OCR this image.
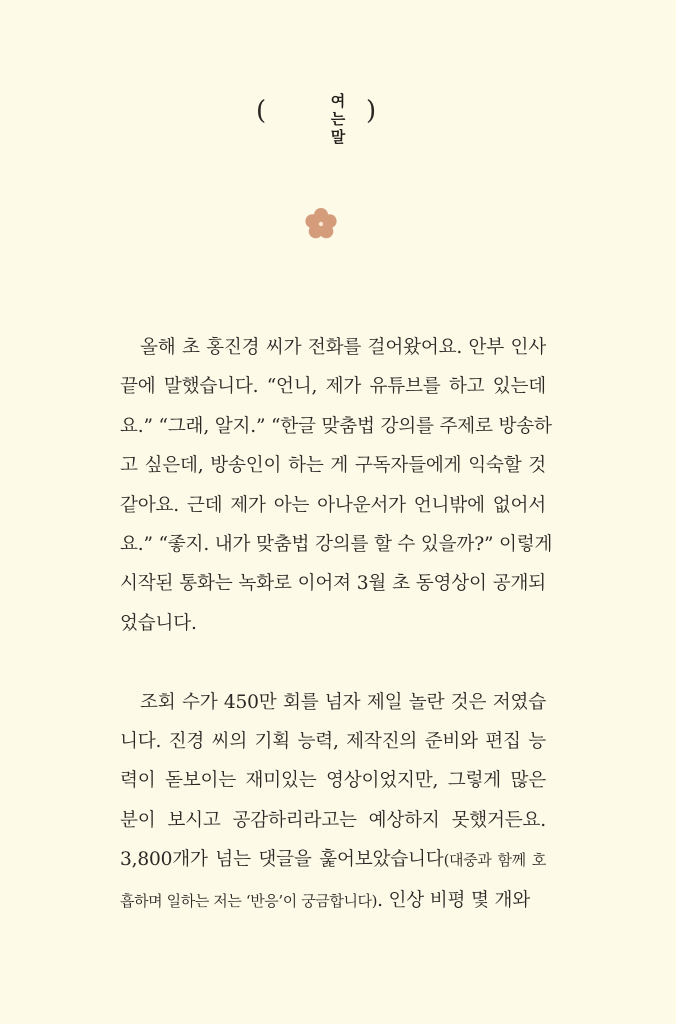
(	여
는
말
)

올해 초 홍진경 씨가 전화를 걸어왔어요. 안부 인사
끝에 말했습니다. “언니, 제가 유튜브를 하고 있는데
요.” “그래, 알지.” “한글 맞춤법 강의를 주제로 방송하
고 싶은데, 방송인이 하는 게 구독자들에게 익숙할 것
같아요. 근데 제가 아는 아나운서가 언니밖에 없어서
요.” “좋지. 내가 맞춤법 강의를 할 수 있을까?” 이렇게
시작된 통화는 녹화로 이어져 3월 초 동영상이 공개되
었습니다.

조회 수가 450만 회를 넘자 제일 놀란 것은 저였습
니다. 진경 씨의 기획 능력, 제작진의 준비와 편집 능
력이 돋보이는 재미있는 영상이었지만, 그렇게 많은
분이 보시고 공감하리라고는 예상하지 못했거든요.
3,800개가 넘는 댓글을 훑어보았습니다(대중과 함께 호
흡하며 일하는 저는 ‘반응’이 궁금합니다). 인상 비평 몇 개와
